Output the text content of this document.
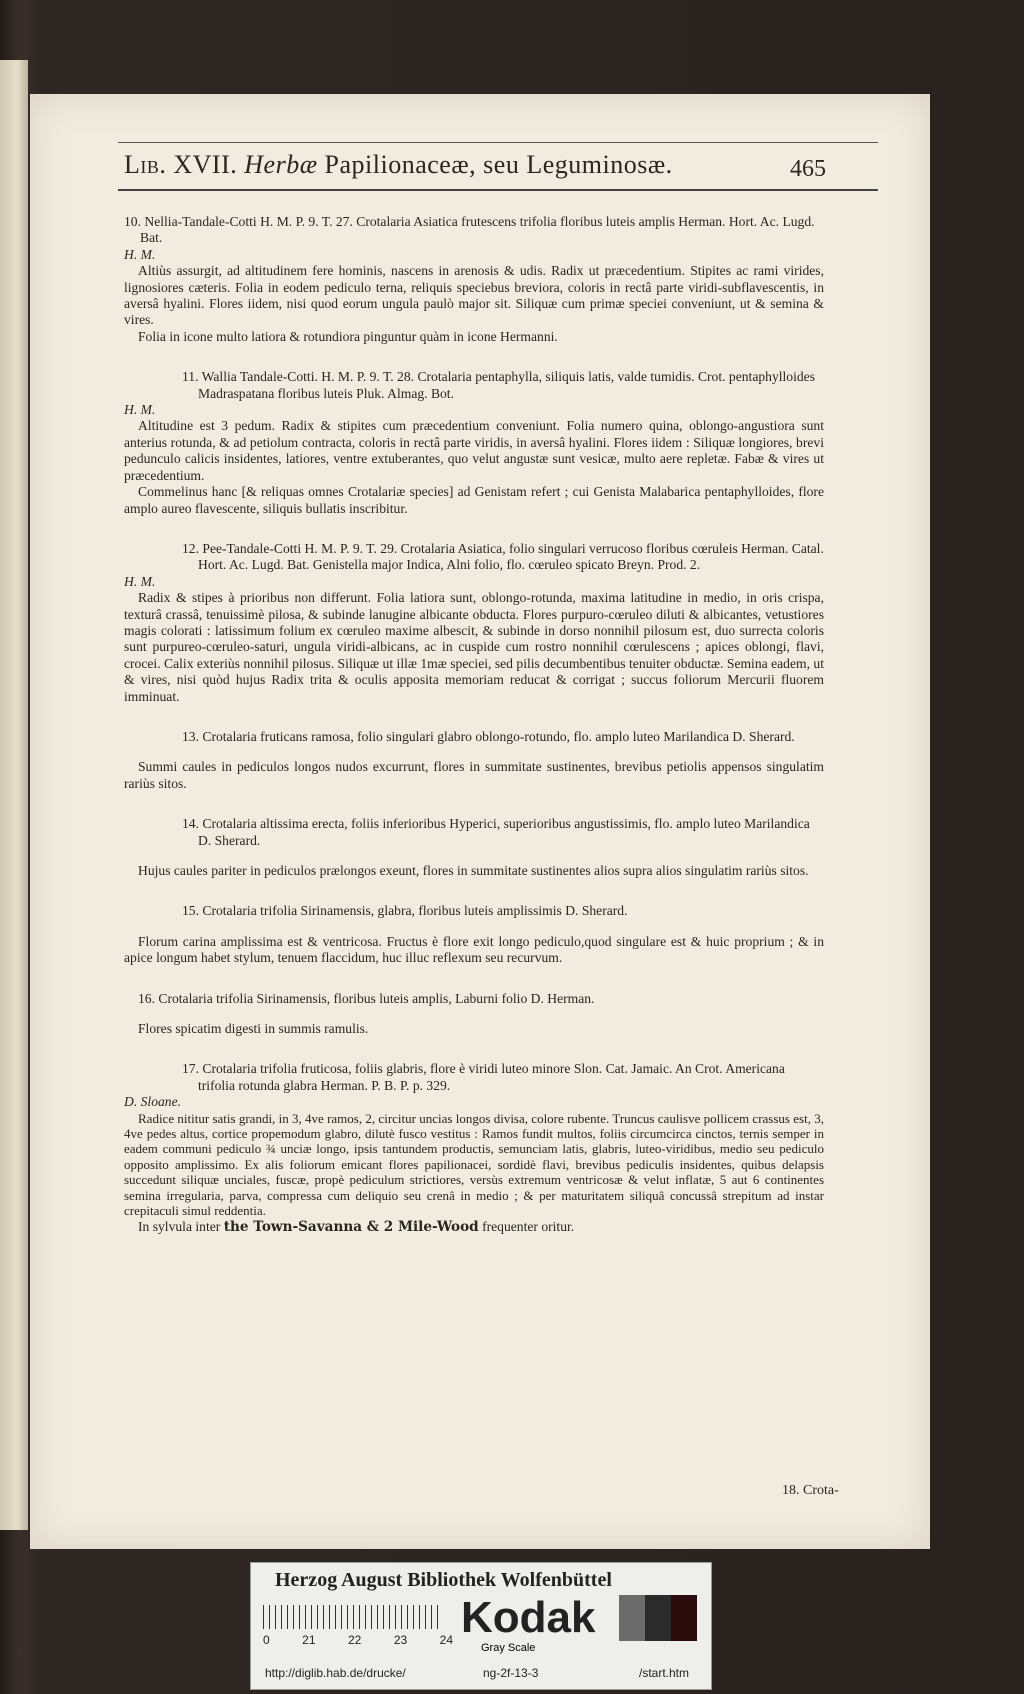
Lib. XVII. Herbæ Papilionaceæ, seu Leguminosæ.	465

10. Nellia-Tandale-Cotti H. M. P. 9. T. 27. Crotalaria Asiatica frutescens trifolia floribus luteis amplis Herman. Hort. Ac. Lugd. Bat.

H. M.

Altiùs assurgit, ad altitudinem fere hominis, nascens in arenosis & udis. Radix ut præcedentium. Stipites ac rami virides, lignosiores cæteris. Folia in eodem pediculo terna, reliquis speciebus breviora, coloris in rectâ parte viridi-subflavescentis, in aversâ hyalini. Flores iidem, nisi quod eorum ungula paulò major sit. Siliquæ cum primæ speciei conveniunt, ut & semina & vires.

Folia in icone multo latiora & rotundiora pinguntur quàm in icone Hermanni.

11. Wallia Tandale-Cotti. H. M. P. 9. T. 28. Crotalaria pentaphylla, siliquis latis, valde tumidis. Crot. pentaphylloides Madraspatana floribus luteis Pluk. Almag. Bot.

H. M.

Altitudine est 3 pedum. Radix & stipites cum præcedentium conveniunt. Folia numero quina, oblongo-angustiora sunt anterius rotunda, & ad petiolum contracta, coloris in rectâ parte viridis, in aversâ hyalini. Flores iidem : Siliquæ longiores, brevi pedunculo calicis insidentes, latiores, ventre extuberantes, quo velut angustæ sunt vesicæ, multo aere repletæ. Fabæ & vires ut præcedentium.

Commelinus hanc [& reliquas omnes Crotalariæ species] ad Genistam refert ; cui Genista Malabarica pentaphylloides, flore amplo aureo flavescente, siliquis bullatis inscribitur.

12. Pee-Tandale-Cotti H. M. P. 9. T. 29. Crotalaria Asiatica, folio singulari verrucoso floribus cœruleis Herman. Catal. Hort. Ac. Lugd. Bat. Genistella major Indica, Alni folio, flo. cœruleo spicato Breyn. Prod. 2.

H. M.

Radix & stipes à prioribus non differunt. Folia latiora sunt, oblongo-rotunda, maxima latitudine in medio, in oris crispa, texturâ crassâ, tenuissimè pilosa, & subinde lanugine albicante obducta. Flores purpuro-cœruleo diluti & albicantes, vetustiores magis colorati : latissimum folium ex cœruleo maxime albescit, & subinde in dorso nonnihil pilosum est, duo surrecta coloris sunt purpureo-cœruleo-saturi, ungula viridi-albicans, ac in cuspide cum rostro nonnihil cœrulescens ; apices oblongi, flavi, crocei. Calix exteriùs nonnihil pilosus. Siliquæ ut illæ 1mæ speciei, sed pilis decumbentibus tenuiter obductæ. Semina eadem, ut & vires, nisi quòd hujus Radix trita & oculis apposita memoriam reducat & corrigat ; succus foliorum Mercurii fluorem imminuat.

13. Crotalaria fruticans ramosa, folio singulari glabro oblongo-rotundo, flo. amplo luteo Marilandica D. Sherard.

Summi caules in pediculos longos nudos excurrunt, flores in summitate sustinentes, brevibus petiolis appensos singulatim rariùs sitos.

14. Crotalaria altissima erecta, foliis inferioribus Hyperici, superioribus angustissimis, flo. amplo luteo Marilandica D. Sherard.

Hujus caules pariter in pediculos prælongos exeunt, flores in summitate sustinentes alios supra alios singulatim rariùs sitos.

15. Crotalaria trifolia Sirinamensis, glabra, floribus luteis amplissimis D. Sherard.

Florum carina amplissima est & ventricosa. Fructus è flore exit longo pediculo,quod singulare est & huic proprium ; & in apice longum habet stylum, tenuem flaccidum, huc illuc reflexum seu recurvum.

16. Crotalaria trifolia Sirinamensis, floribus luteis amplis, Laburni folio D. Herman.

Flores spicatim digesti in summis ramulis.

17. Crotalaria trifolia fruticosa, foliis glabris, flore è viridi luteo minore Slon. Cat. Jamaic. An Crot. Americana trifolia rotunda glabra Herman. P. B. P. p. 329.

D. Sloane.

Radice nititur satis grandi, in 3, 4ve ramos, 2, circitur uncias longos divisa, colore rubente. Truncus caulisve pollicem crassus est, 3, 4ve pedes altus, cortice propemodum glabro, dilutè fusco vestitus : Ramos fundit multos, foliis circumcirca cinctos, ternis semper in eadem communi pediculo ¾ unciæ longo, ipsis tantundem productis, semunciam latis, glabris, luteo-viridibus, medio seu pediculo opposito amplissimo. Ex alis foliorum emicant flores papilionacei, sordidè flavi, brevibus pediculis insidentes, quibus delapsis succedunt siliquæ unciales, fuscæ, propè pediculum strictiores, versùs extremum ventricosæ & velut inflatæ, 5 aut 6 continentes semina irregularia, parva, compressa cum deliquio seu crenâ in medio ; & per maturitatem siliquâ concussâ strepitum ad instar crepitaculi simul reddentia.

In sylvula inter the Town-Savanna & 2 Mile-Wood frequenter oritur.

18. Crota-
Herzog August Bibliothek Wolfenbüttel
0	21	22	23	24 Kodak
Gray Scale
http://diglib.hab.de/drucke/	ng-2f-13-3	/start.htm
